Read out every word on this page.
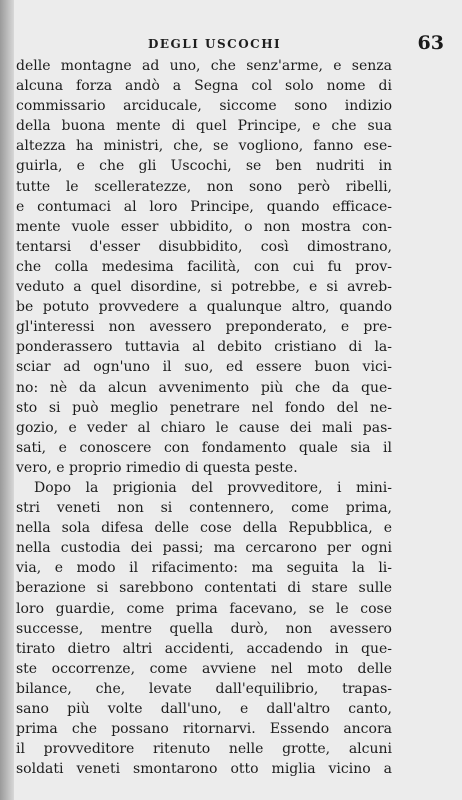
DEGLI USCOCHI	63
delle montagne ad uno, che senz'arme, e senza
alcuna forza andò a Segna col solo nome di
commissario arciducale, siccome sono indizio
della buona mente di quel Principe, e che sua
altezza ha ministri, che, se vogliono, fanno ese-
guirla, e che gli Uscochi, se ben nudriti in
tutte le scelleratezze, non sono però ribelli,
e contumaci al loro Principe, quando efficace-
mente vuole esser ubbidito, o non mostra con-
tentarsi d'esser disubbidito, così dimostrano,
che colla medesima facilità, con cui fu prov-
veduto a quel disordine, si potrebbe, e si avreb-
be potuto provvedere a qualunque altro, quando
gl'interessi non avessero preponderato, e pre-
ponderassero tuttavia al debito cristiano di la-
sciar ad ogn'uno il suo, ed essere buon vici-
no: nè da alcun avvenimento più che da que-
sto si può meglio penetrare nel fondo del ne-
gozio, e veder al chiaro le cause dei mali pas-
sati, e conoscere con fondamento quale sia il
vero, e proprio rimedio di questa peste.
Dopo la prigionia del provveditore, i mini-
stri veneti non si contennero, come prima,
nella sola difesa delle cose della Repubblica, e
nella custodia dei passi; ma cercarono per ogni
via, e modo il rifacimento: ma seguita la li-
berazione si sarebbono contentati di stare sulle
loro guardie, come prima facevano, se le cose
successe, mentre quella durò, non avessero
tirato dietro altri accidenti, accadendo in que-
ste occorrenze, come avviene nel moto delle
bilance, che, levate dall'equilibrio, trapas-
sano più volte dall'uno, e dall'altro canto,
prima che possano ritornarvi. Essendo ancora
il provveditore ritenuto nelle grotte, alcuni
soldati veneti smontarono otto miglia vicino a
